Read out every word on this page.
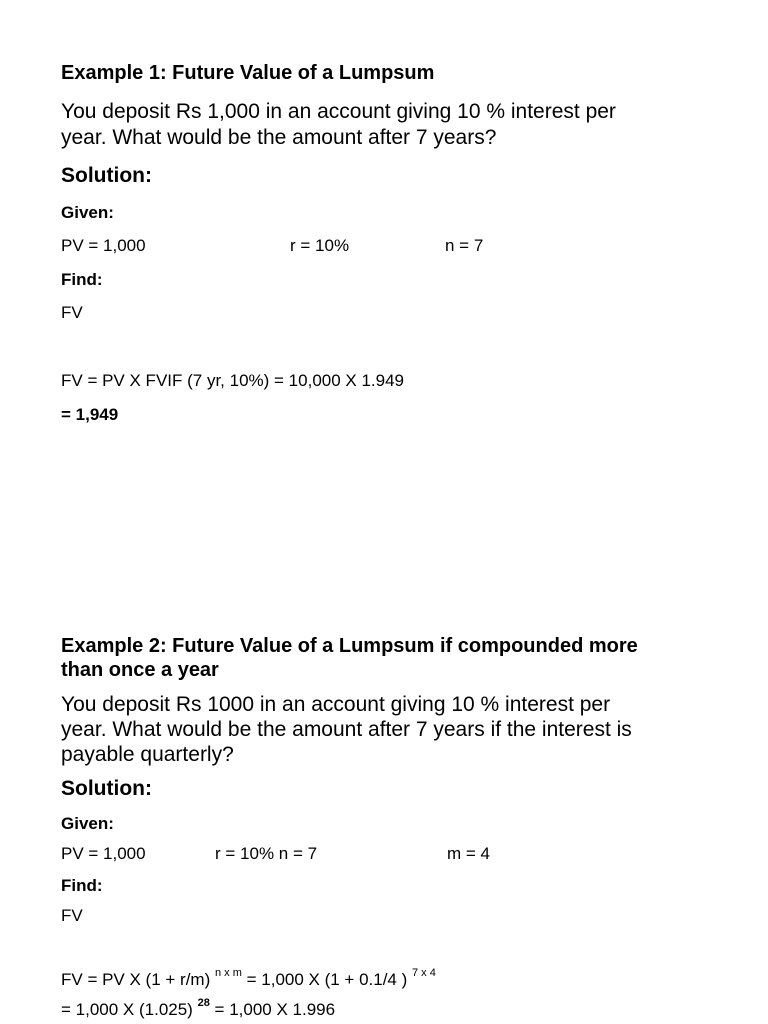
Example 1: Future Value of a Lumpsum
You deposit Rs 1,000 in an account giving 10 % interest per
year. What would be the amount after 7 years?
Solution:
Given:
PV = 1,000	r = 10%	n = 7
Find:
FV
FV = PV X FVIF (7 yr, 10%) = 10,000 X 1.949
= 1,949
Example 2: Future Value of a Lumpsum if compounded more
than once a year
You deposit Rs 1000 in an account giving 10 % interest per
year. What would be the amount after 7 years if the interest is
payable quarterly?
Solution:
Given:
PV = 1,000	r = 10% n = 7	m = 4
Find:
FV
FV = PV X (1 + r/m) $^{n x m}$ = 1,000 X (1 + 0.1/4 ) $^{7 x 4}$
= 1,000 X (1.025) $^{28}$ = 1,000 X 1.996
